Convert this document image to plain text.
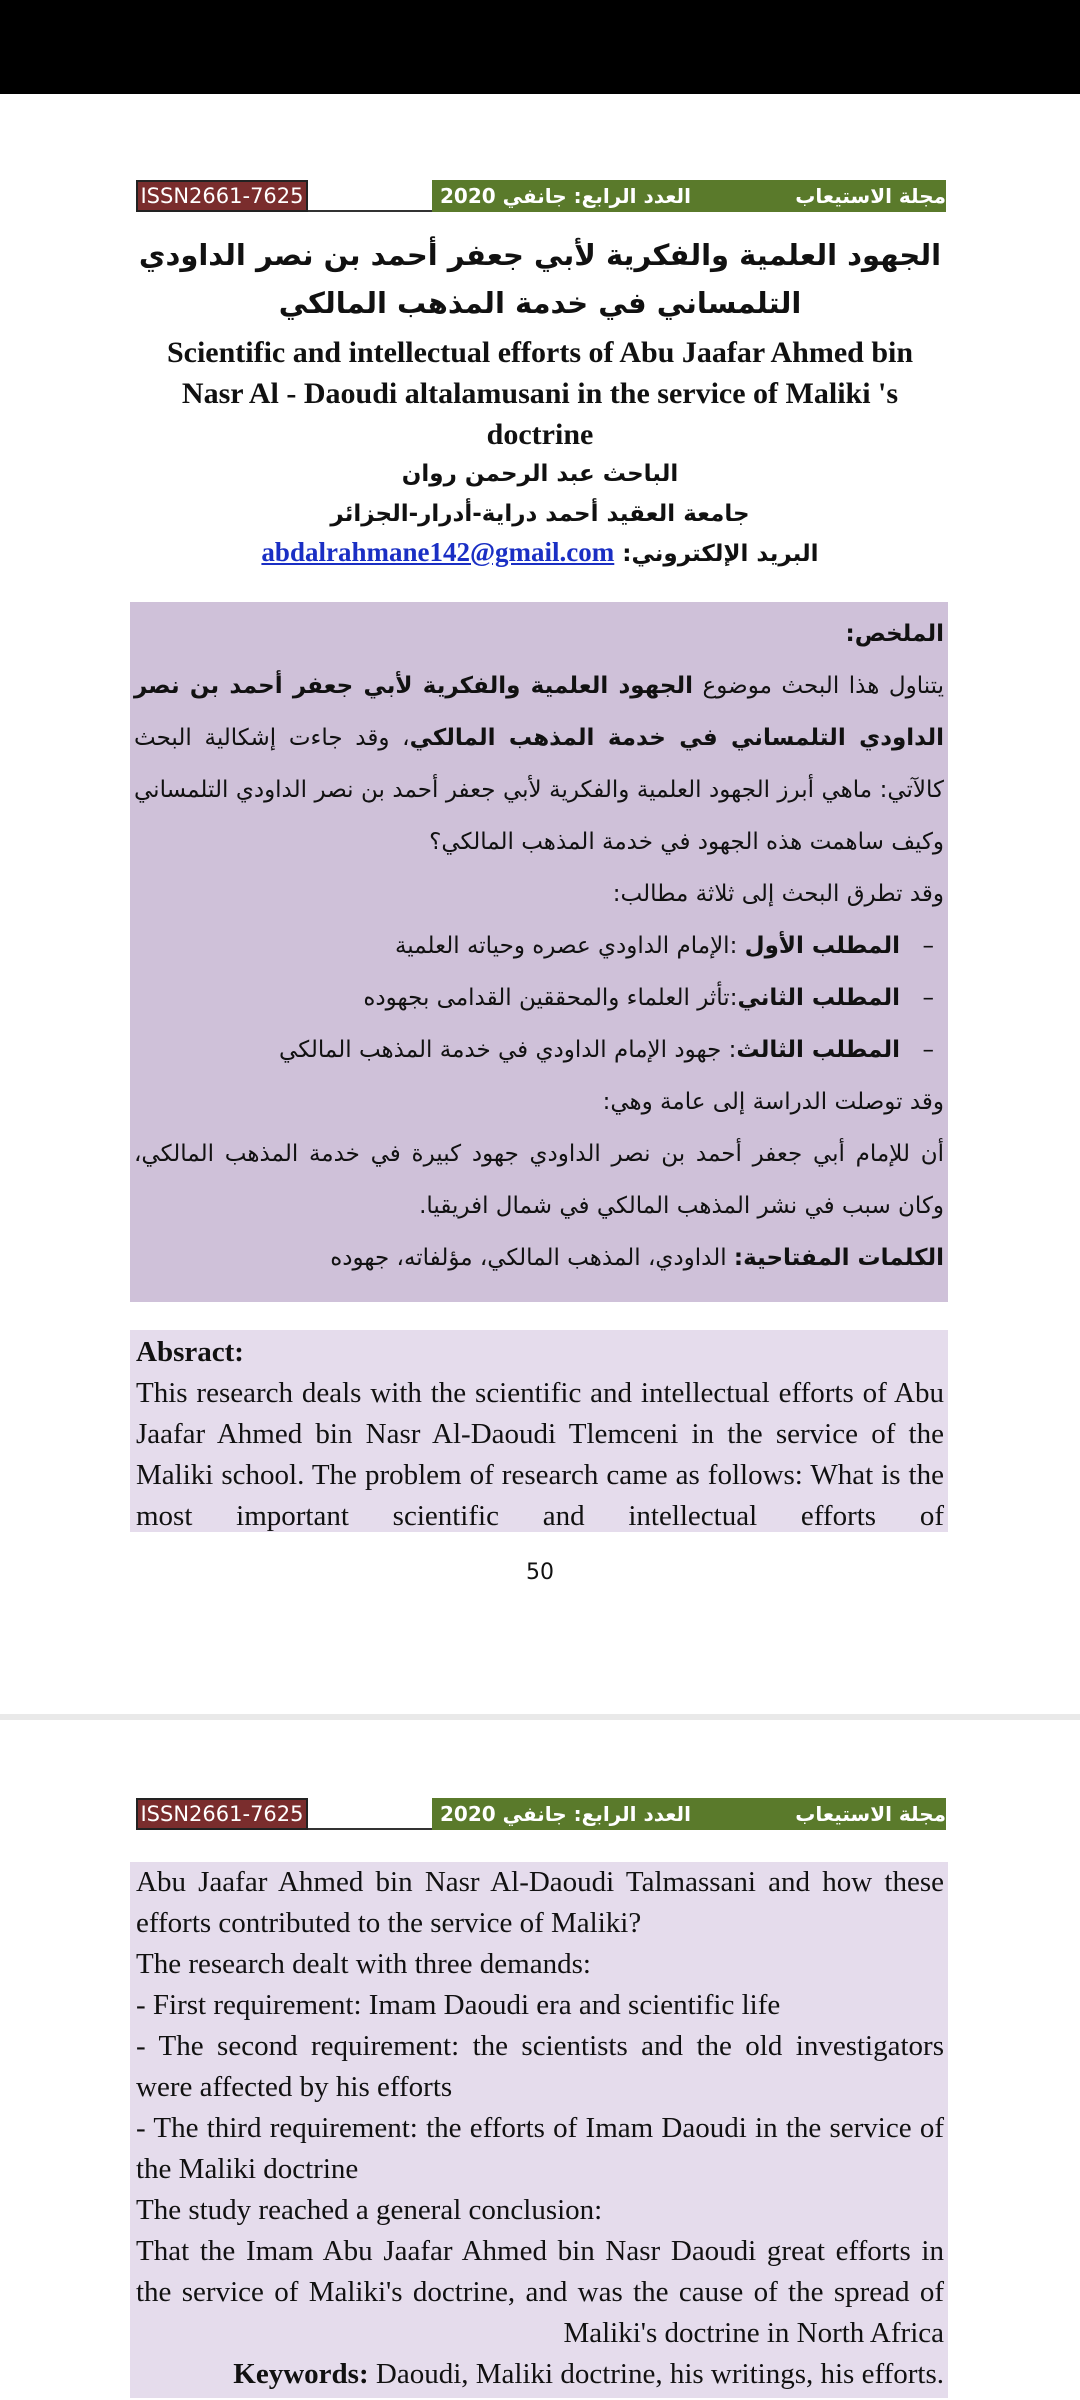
ISSN2661-7625	العدد الرابع: جانفي 2020	مجلة الاستيعاب
الجهود العلمية والفكرية لأبي جعفر أحمد بن نصر الداودي
التلمساني في خدمة المذهب المالكي
Scientific and intellectual efforts of Abu Jaafar Ahmed bin
Nasr Al - Daoudi altalamusani in the service of Maliki 's
doctrine
الباحث عبد الرحمن روان
جامعة العقيد أحمد دراية-أدرار-الجزائر
البريد الإلكتروني: abdalrahmane142@gmail.com

الملخص:

يتناول هذا البحث موضوع الجهود العلمية والفكرية لأبي جعفر أحمد بن نصر الداودي التلمساني في خدمة المذهب المالكي، وقد جاءت إشكالية البحث كالآتي: ماهي أبرز الجهود العلمية والفكرية لأبي جعفر أحمد بن نصر الداودي التلمساني وكيف ساهمت هذه الجهود في خدمة المذهب المالكي؟

وقد تطرق البحث إلى ثلاثة مطالب:

–المطلب الأول :الإمام الداودي عصره وحياته العلمية

–المطلب الثاني:تأثر العلماء والمحققين القدامى بجهوده

–المطلب الثالث: جهود الإمام الداودي في خدمة المذهب المالكي

وقد توصلت الدراسة إلى عامة وهي:

أن للإمام أبي جعفر أحمد بن نصر الداودي جهود كبيرة في خدمة المذهب المالكي، وكان سبب في نشر المذهب المالكي في شمال افريقيا.

الكلمات المفتاحية: الداودي، المذهب المالكي، مؤلفاته، جهوده

Absract:
This research deals with the scientific and intellectual efforts of Abu Jaafar Ahmed bin Nasr Al-Daoudi Tlemceni in the service of the Maliki school. The problem of research came as follows: What is the most important scientific and intellectual efforts of
50
ISSN2661-7625	العدد الرابع: جانفي 2020	مجلة الاستيعاب

Abu Jaafar Ahmed bin Nasr Al-Daoudi Talmassani and how these efforts contributed to the service of Maliki?

The research dealt with three demands:

- First requirement: Imam Daoudi era and scientific life

- The second requirement: the scientists and the old investigators were affected by his efforts

- The third requirement: the efforts of Imam Daoudi in the service of the Maliki doctrine

The study reached a general conclusion:

That the Imam Abu Jaafar Ahmed bin Nasr Daoudi great efforts in the service of Maliki's doctrine, and was the cause of the spread of Maliki's doctrine in North Africa

Keywords: Daoudi, Maliki doctrine, his writings, his efforts.
